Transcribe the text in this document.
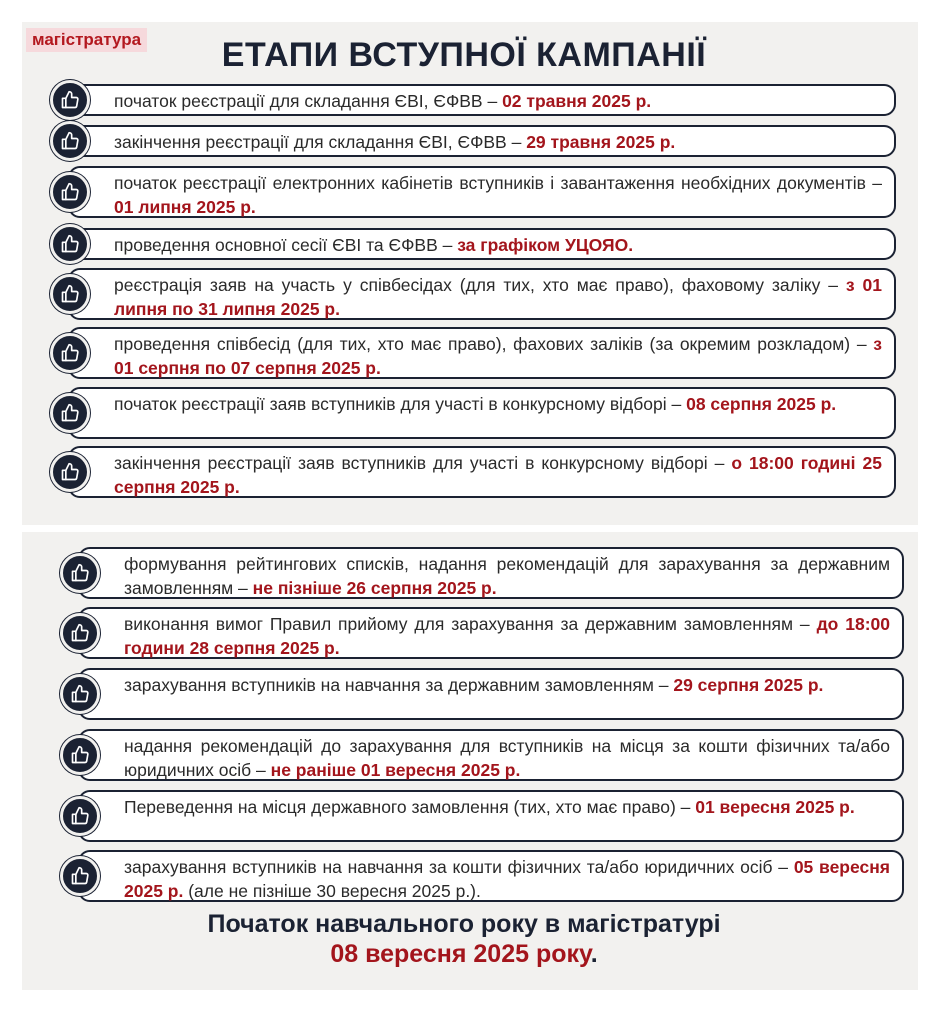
магістратура	ЕТАПИ ВСТУПНОЇ КАМПАНІЇ
початок реєстрації для складання ЄВІ, ЄФВВ – 02 травня 2025 р.
закінчення реєстрації для складання ЄВІ, ЄФВВ – 29 травня 2025 р.
початок реєстрації електронних кабінетів вступників і завантаження необхідних документів – 01 липня 2025 р.
проведення основної сесії ЄВІ та ЄФВВ – за графіком УЦОЯО.
реєстрація заяв на участь у співбесідах (для тих, хто має право), фаховому заліку – з 01 липня по 31 липня 2025 р.
проведення співбесід (для тих, хто має право), фахових заліків (за окремим розкладом) – з 01 серпня по 07 серпня 2025 р.
початок реєстрації заяв вступників для участі в конкурсному відборі – 08 серпня 2025 р.
закінчення реєстрації заяв вступників для участі в конкурсному відборі – о 18:00 годині 25 серпня 2025 р.
формування рейтингових списків, надання рекомендацій для зарахування за державним замовленням – не пізніше 26 серпня 2025 р.
виконання вимог Правил прийому для зарахування за державним замовленням – до 18:00 години 28 серпня 2025 р.
зарахування вступників на навчання за державним замовленням – 29 серпня 2025 р.
надання рекомендацій до зарахування для вступників на місця за кошти фізичних та/або юридичних осіб – не раніше 01 вересня 2025 р.
Переведення на місця державного замовлення (тих, хто має право) – 01 вересня 2025 р.
зарахування вступників на навчання за кошти фізичних та/або юридичних осіб – 05 вересня 2025 р. (але не пізніше 30 вересня 2025 р.).
Початок навчального року в магістратурі
08 вересня 2025 року.
